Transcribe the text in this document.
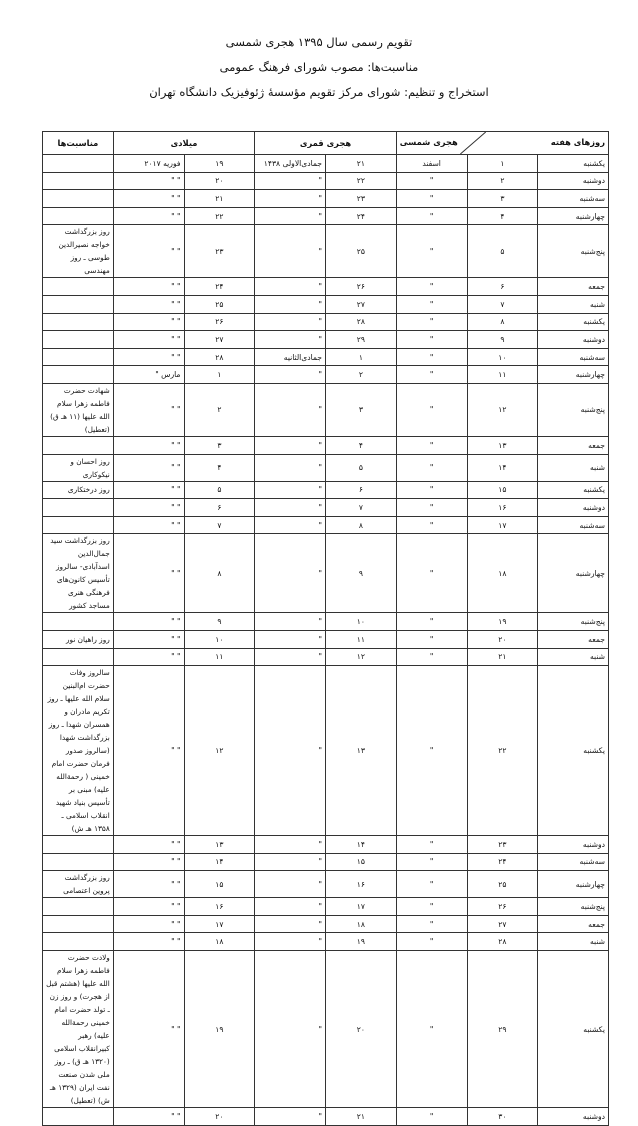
تقویم رسمی سال ۱۳۹۵ هجری شمسی
مناسبت‌ها: مصوب شورای فرهنگ عمومی
استخراج و تنظیم: شورای مرکز تقویم مؤسسهٔ ژئوفیزیک دانشگاه تهران
روزهای هفته
هجری شمسی			هجری قمری		میلادی		مناسبت‌ها
یکشنبه	۱	اسفند	۲۱	جمادی‌الاولی ۱۴۳۸	۱۹	فوریه ۲۰۱۷	
دوشنبه	۲	"	۲۲	"	۲۰	" "	
سه‌شنبه	۳	"	۲۳	"	۲۱	" "	
چهارشنبه	۴	"	۲۴	"	۲۲	" "	
پنج‌شنبه	۵	"	۲۵	"	۲۳	" "	روز بزرگداشت خواجه نصیرالدین طوسی ـ روز مهندسی
جمعه	۶	"	۲۶	"	۲۴	" "	
شنبه	۷	"	۲۷	"	۲۵	" "	
یکشنبه	۸	"	۲۸	"	۲۶	" "	
دوشنبه	۹	"	۲۹	"	۲۷	" "	
سه‌شنبه	۱۰	"	۱	جمادی‌الثانیه	۲۸	" "	
چهارشنبه	۱۱	"	۲	"	۱	مارس "	
پنج‌شنبه	۱۲	"	۳	"	۲	" "	شهادت حضرت فاطمه زهرا سلام الله علیها (۱۱ هـ ق) (تعطیل)
جمعه	۱۳	"	۴	"	۳	" "	
شنبه	۱۴	"	۵	"	۴	" "	روز احسان و نیکوکاری
یکشنبه	۱۵	"	۶	"	۵	" "	روز درختکاری
دوشنبه	۱۶	"	۷	"	۶	" "	
سه‌شنبه	۱۷	"	۸	"	۷	" "	
چهارشنبه	۱۸	"	۹	"	۸	" "	روز بزرگداشت سید جمال‌الدین اسدآبادی- سالروز تأسیس کانون‌های فرهنگی هنری مساجد کشور
پنج‌شنبه	۱۹	"	۱۰	"	۹	" "	
جمعه	۲۰	"	۱۱	"	۱۰	" "	روز راهیان نور
شنبه	۲۱	"	۱۲	"	۱۱	" "	
یکشنبه	۲۲	"	۱۳	"	۱۲	" "	سالروز وفات حضرت ام‌البنین سلام الله علیها ـ روز تکریم مادران و همسران شهدا ـ روز بزرگداشت شهدا (سالروز صدور فرمان حضرت امام خمینی ( رحمة‌الله علیه) مبنی بر تأسیس بنیاد شهید انقلاب اسلامی ـ ۱۳۵۸ هـ ش)
دوشنبه	۲۳	"	۱۴	"	۱۳	" "	
سه‌شنبه	۲۴	"	۱۵	"	۱۴	" "	
چهارشنبه	۲۵	"	۱۶	"	۱۵	" "	روز بزرگداشت پروین اعتصامی
پنج‌شنبه	۲۶	"	۱۷	"	۱۶	" "	
جمعه	۲۷	"	۱۸	"	۱۷	" "	
شنبه	۲۸	"	۱۹	"	۱۸	" "	
یکشنبه	۲۹	"	۲۰	"	۱۹	" "	ولادت حضرت فاطمه زهرا سلام الله علیها (هشتم قبل از هجرت) و روز زن ـ تولد حضرت امام خمینی رحمة‌الله علیه) رهبر کبیرانقلاب اسلامی (۱۳۲۰ هـ ق) ـ روز ملی شدن صنعت نفت ایران (۱۳۲۹ هـ ش) (تعطیل)
دوشنبه	۳۰	"	۲۱	"	۲۰	" "	
